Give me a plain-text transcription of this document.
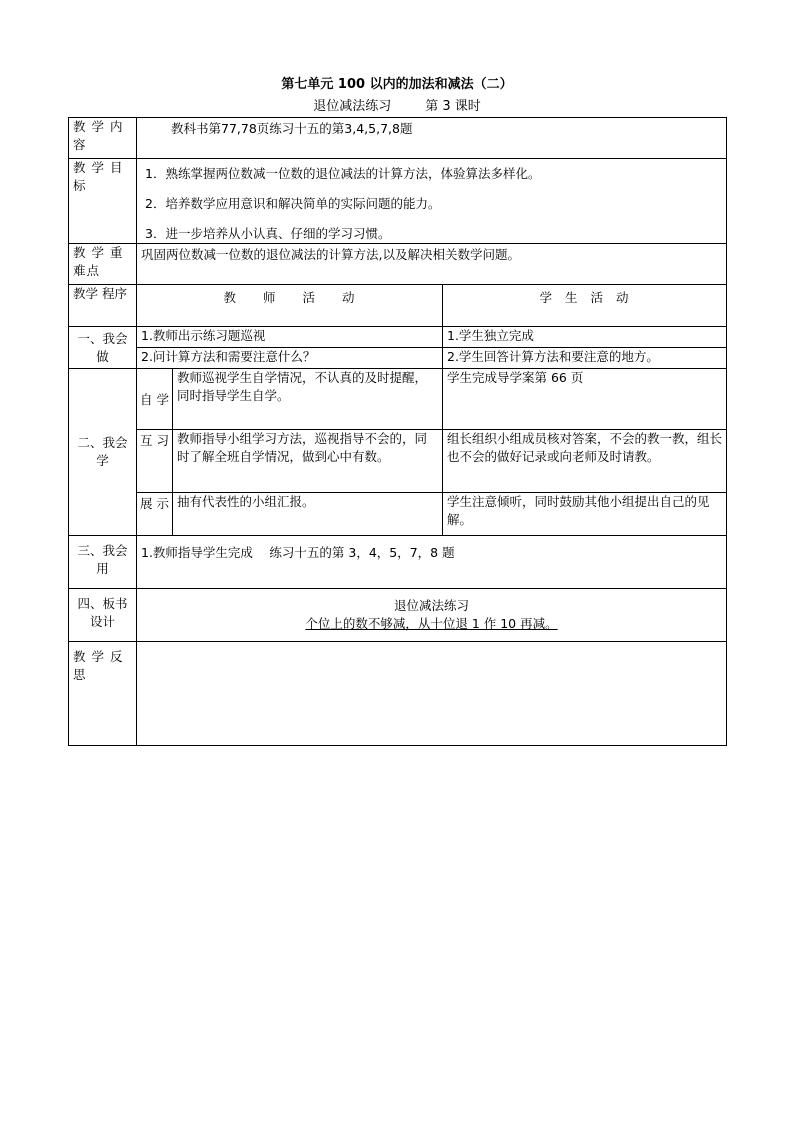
第七单元 100 以内的加法和减法（二）
退位减法练习	第 3 课时
教 学 内 容	教科书第77,78页练习十五的第3,4,5,7,8题		
教 学 目 标	1．熟练掌握两位数减一位数的退位减法的计算方法，体验算法多样化。

2．培养数学应用意识和解决简单的实际问题的能力。

3．进一步培养从小认真、仔细的学习习惯。		

教 学 重 难点	巩固两位数减一位数的退位减法的计算方法,以及解决相关数学问题。		
教学 程序	教 师 活 动		学 生 活 动
一、我会做	1.教师出示练习题巡视		1.学生独立完成
	2.问计算方法和需要注意什么？		2.学生回答计算方法和要注意的地方。
二、我会学	自 学	教师巡视学生自学情况，不认真的及时提醒，同时指导学生自学。	学生完成导学案第 66 页
	互 习	教师指导小组学习方法，巡视指导不会的，同时了解全班自学情况，做到心中有数。	组长组织小组成员核对答案，不会的教一教，组长也不会的做好记录或向老师及时请教。
	展 示	抽有代表性的小组汇报。	学生注意倾听，同时鼓励其他小组提出自己的见解。
三、我会用	1.教师指导学生完成　 练习十五的第 3，4，5，7，8 题		
四、板书设计	退位减法练习
个位上的数不够减，从十位退 1 作 10 再减。		

教 学 反 思			
